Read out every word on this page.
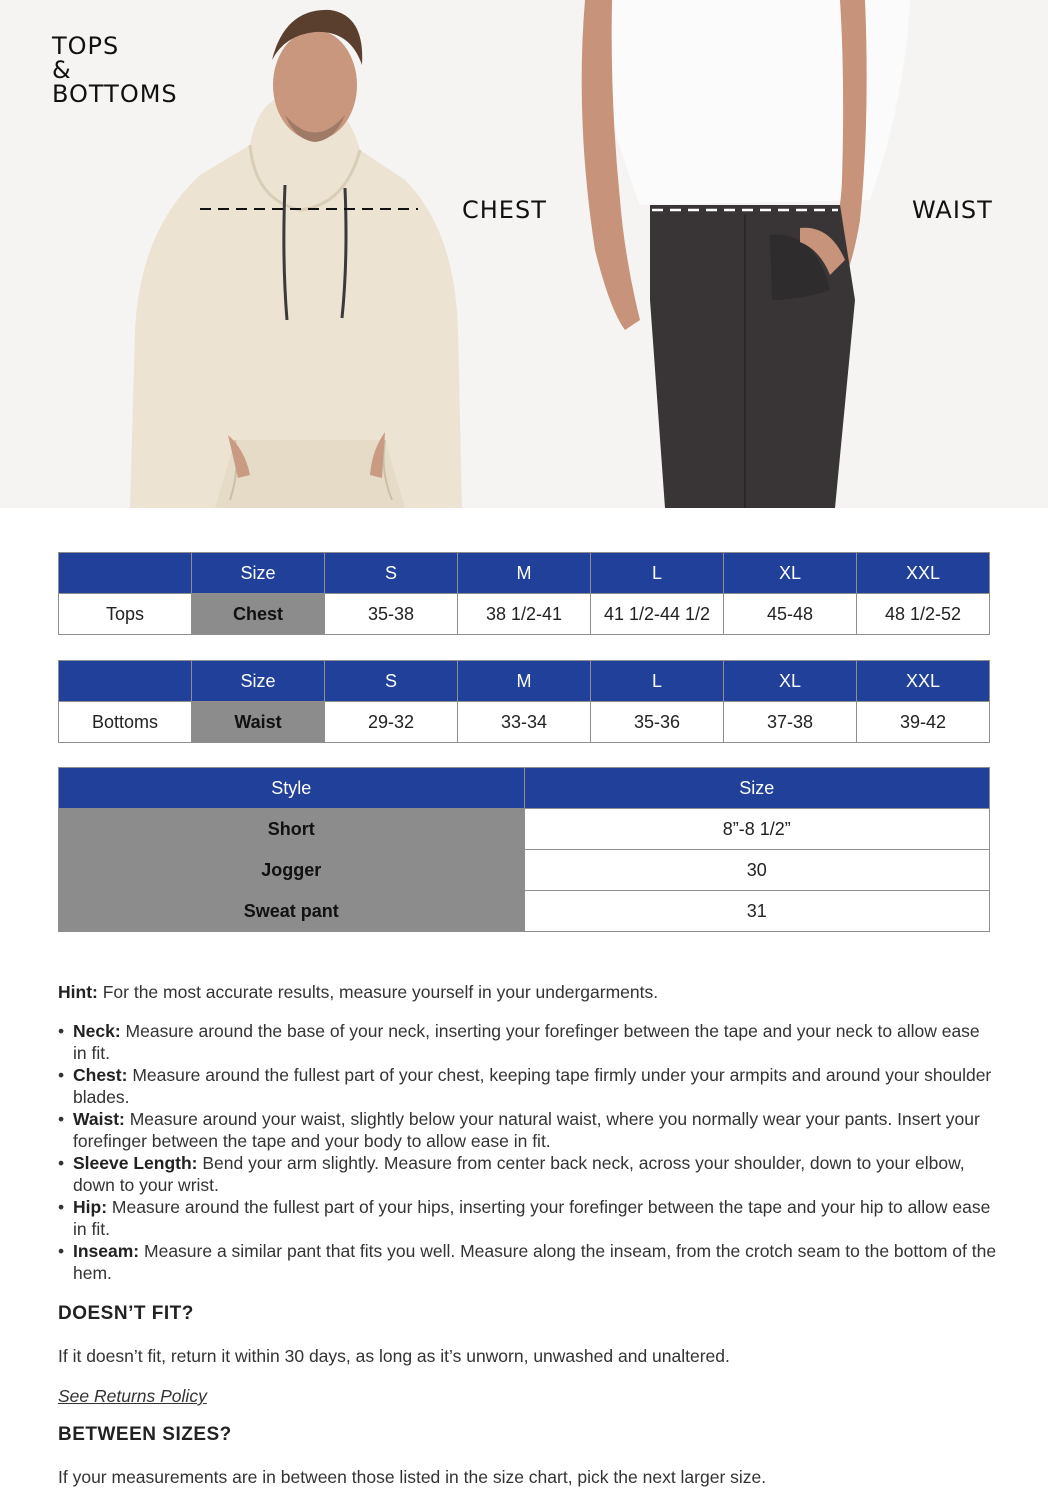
TOPS
&
BOTTOMS
CHEST	WAIST
	Size	S	M	L	XL	XXL
Tops	Chest	35-38	38 1/2-41	41 1/2-44 1/2	45-48	48 1/2-52
	Size	S	M	L	XL	XXL
Bottoms	Waist	29-32	33-34	35-36	37-38	39-42
Style	Size
Short	8”-8 1/2”
Jogger	30
Sweat pant	31

Hint: For the most accurate results, measure yourself in your undergarments.

• Neck: Measure around the base of your neck, inserting your forefinger between the tape and your neck to allow ease in fit.
• Chest: Measure around the fullest part of your chest, keeping tape firmly under your armpits and around your shoulder blades.
• Waist: Measure around your waist, slightly below your natural waist, where you normally wear your pants. Insert your forefinger between the tape and your body to allow ease in fit.
• Sleeve Length: Bend your arm slightly. Measure from center back neck, across your shoulder, down to your elbow, down to your wrist.
• Hip: Measure around the fullest part of your hips, inserting your forefinger between the tape and your hip to allow ease in fit.
• Inseam: Measure a similar pant that fits you well. Measure along the inseam, from the crotch seam to the bottom of the hem.
DOESN’T FIT?

If it doesn’t fit, return it within 30 days, as long as it’s unworn, unwashed and unaltered.

See Returns Policy
BETWEEN SIZES?

If your measurements are in between those listed in the size chart, pick the next larger size.
